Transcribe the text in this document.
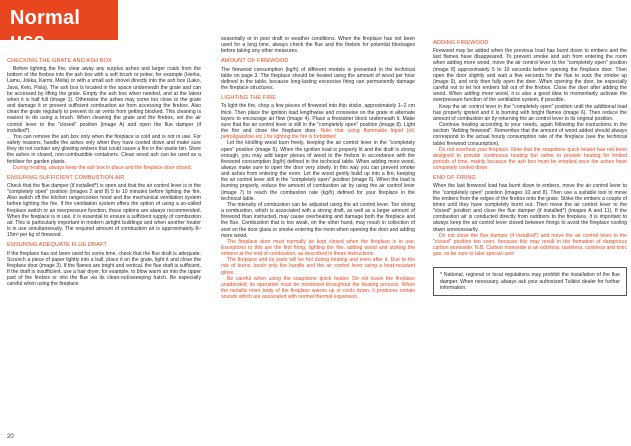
Normal use
CHECKING THE GRATE AND ASH BOX

Before lighting the fire, clear away any surplus ashes and larger coals from the bottom of the firebox into the ash box with a soft brush or poker, for example (Herka, Lamu, Jokka, Karmi, Mella) or with a small ash shovel directly into the ash box (Lako, Java, Kelo, Pisla). The ash box is located in the space underneath the grate and can be accessed by lifting the grate. Empty the ash box when needed, and at the latest when it is half full (image 1). Otherwise the ashes may come too close to the grate and damage it or prevent sufficient combustion air from accessing the firebox. Also clean the grate regularly to prevent its air vents from getting blocked. This cleaning is easiest to do using a brush. When cleaning the grate and the firebox, set the air control lever to the "closed" position (image A) and open the flue damper (if installed*).

You can remove the ash box only when the fireplace is cold and is not in use. For safety reasons, handle the ashes only when they have cooled down and make sure they do not contain any glowing embers that could cause a fire in the waste bin. Store the ashes in closed, non-combustible containers. Clean wood ash can be used as a fertiliser for garden plants.

During heating, always keep the ash box in place and the fireplace door closed.

ENSURING SUFFICIENT COMBUSTION AIR

Check that the flue damper (if installed*) is open and that the air control lever is in the "completely open" position (images 2 and 8) 5 to 10 minutes before lighting the fire. Also switch off the kitchen range/cooker hood and the mechanical ventilation system before lighting the fire. If the ventilation system offers the option of using a so-called fireplace switch or an overpressure function, these options are always recommended. When the fireplace is in use, it is essential to ensure a sufficient supply of combustion air. This is particularly important in modern airtight buildings and when another heater is in use simultaneously. The required amount of combustion air is approximately 8–15m³ per kg of firewood.

ENSURING ADEQUATE FLUE DRAFT

If the fireplace has not been used for some time, check that the flue draft is adequate. Scrunch a piece of paper lightly into a ball, place it on the grate, light it and close the fireplace door (image 3). If the flames are bright and vertical, the flue draft is sufficient. If the draft is insufficient, use a hair dryer, for example, to blow warm air into the upper part of the firebox or into the flue via its clean-out/sweeping hatch. Be especially careful when using the fireplace

seasonally or in poor draft or weather conditions. When the fireplace has not been used for a long time, always check the flue and the firebox for potential blockages before taking any other measures.

AMOUNT OF FIREWOOD

The firewood consumption (kg/h) of different models is presented in the technical table on page 3. The fireplace should be heated using the amount of wood per hour defined in the table, because long-lasting excessive firing can permanently damage the fireplace structures.

LIGHTING THE FIRE

To light the fire, chop a few pieces of firewood into thin sticks, approximately 1–2 cm thick. Then place the ignition load lengthwise and crosswise on the grate in alternate layers to encourage air flow (image 4). Place a firestarter block underneath it. Make sure that the air control lever is still in the "completely open" position (image 8). Light the fire and close the fireplace door. Note that using flammable liquid (oil, petrol/gasoline etc.) for lighting the fire is forbidden!

Let the kindling wood burn freely, keeping the air control lever in the "completely open" position (image 5). When the ignition load is properly lit and the draft is strong enough, you may add larger pieces of wood to the firebox in accordance with the firewood consumption (kg/h) defined in the technical table. When adding more wood, always make sure to open the door very slowly. In this way you can prevent smoke and ashes from entering the room. Let the wood gently build up into a fire, keeping the air control lever still in the "completely open" position (image 6). When the load is burning properly, reduce the amount of combustion air by using the air control lever (image 7) to reach the combustion rate (kg/h) defined for your fireplace in the technical table.

The intensity of combustion can be adjusted using the air control lever. Too strong a combustion, which is associated with a strong draft, as well as a larger amount of firewood than instructed, may cause overheating and damage both the fireplace and the flue. Combustion that is too weak, on the other hand, may result in collection of soot on the door glass or smoke entering the room when opening the door and adding more wood.

The fireplace door must normally be kept closed when the fireplace is in use. Exceptions to this are the first firing, lighting the fire, adding wood and stoking the embers at the end of combustion, as described in these instructions.

The fireplace and its parts will be hot during heating and even after it. Due to the risk of burns, touch only the handle and the air control lever using a heat-resistant glove.

Be careful when using the soapstone quick heater. Do not leave the fireplace unattended; its operation must be monitored throughout the heating process. When the metallic inner body of the fireplace warms up or cools down, it produces certain sounds which are associated with normal thermal expansion.

ADDING FIREWOOD

Firewood may be added when the previous load has burnt down to embers and the last flames have disappeared. To prevent smoke and ash from entering the room when adding more wood, move the air control lever to the "completely open" position (image 8) approximately 5 to 10 seconds before opening the fireplace door. Then open the door slightly and wait a few seconds for the flue to suck the smoke up (image 9), and only then fully open the door. When opening the door, be especially careful not to let hot embers fall out of the firebox. Close the door after adding the wood. When adding more wood, it is also a good idea to momentarily activate the overpressure function of the ventilation system, if possible.

Keep the air control lever in the "completely open" position until the additional load has properly ignited and it is burning with bright flames (image 6). Then reduce the amount of combustion air by returning the air control lever to its original position.

Continue heating according to your needs, again following the instructions in the section "Adding firewood". Remember that the amount of wood added should always correspond to the actual hourly consumption rate of the fireplace (see the technical table/ firewood consumption).

Do not overheat your fireplace. Note that the soapstone quick heater has not been designed to provide continuous heating but rather to provide heating for limited periods of time, mainly because the ash box must be emptied once the ashes have completely cooled down.

END OF FIRING

When the last firewood load has burnt down to embers, move the air control lever to the "completely open" position (images 10 and 8). Then use a suitable tool to move the embers from the edges of the firebox onto the grate. Stoke the embers a couple of times until they have completely burnt out. Then move the air control lever to the "closed" position and close the flue damper (if installed*) (images A and 11). If the combustion air is conducted directly from outdoors to the fireplace, it is important to always keep the air control lever closed between firings to avoid the fireplace cooling down unnecessarily.

Do not close the flue damper (if installed*) and move the air control lever to the "closed" position too soon, because this may result in the formation of dangerous carbon monoxide. N.B. Carbon monoxide is an odorless, tasteless, colorless and toxic gas, so be sure to take special care!

* National, regional or local regulations may prohibit the installation of the flue damper. When necessary, always ask your authorized Tulikivi dealer for further information.
20
